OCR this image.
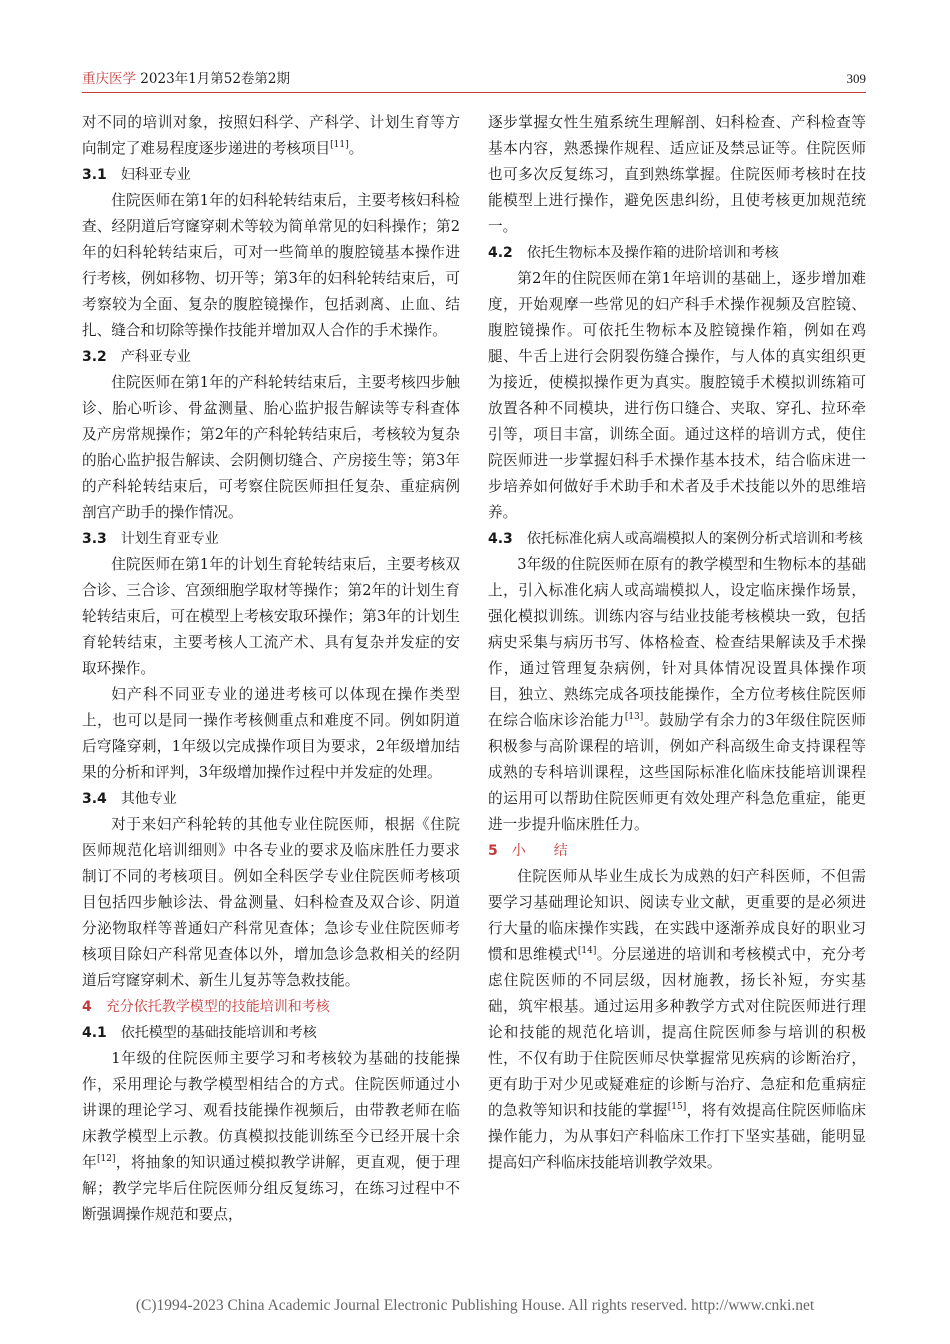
重庆医学 2023年1月第52卷第2期	309

对不同的培训对象，按照妇科学、产科学、计划生育等方向制定了难易程度逐步递进的考核项目[11]。

3.1 妇科亚专业

住院医师在第1年的妇科轮转结束后，主要考核妇科检查、经阴道后穹窿穿刺术等较为简单常见的妇科操作；第2年的妇科轮转结束后，可对一些简单的腹腔镜基本操作进行考核，例如移物、切开等；第3年的妇科轮转结束后，可考察较为全面、复杂的腹腔镜操作，包括剥离、止血、结扎、缝合和切除等操作技能并增加双人合作的手术操作。

3.2 产科亚专业

住院医师在第1年的产科轮转结束后，主要考核四步触诊、胎心听诊、骨盆测量、胎心监护报告解读等专科查体及产房常规操作；第2年的产科轮转结束后，考核较为复杂的胎心监护报告解读、会阴侧切缝合、产房接生等；第3年的产科轮转结束后，可考察住院医师担任复杂、重症病例剖宫产助手的操作情况。

3.3 计划生育亚专业

住院医师在第1年的计划生育轮转结束后，主要考核双合诊、三合诊、宫颈细胞学取材等操作；第2年的计划生育轮转结束后，可在模型上考核安取环操作；第3年的计划生育轮转结束，主要考核人工流产术、具有复杂并发症的安取环操作。

妇产科不同亚专业的递进考核可以体现在操作类型上，也可以是同一操作考核侧重点和难度不同。例如阴道后穹隆穿刺，1年级以完成操作项目为要求，2年级增加结果的分析和评判，3年级增加操作过程中并发症的处理。

3.4 其他专业

对于来妇产科轮转的其他专业住院医师，根据《住院医师规范化培训细则》中各专业的要求及临床胜任力要求制订不同的考核项目。例如全科医学专业住院医师考核项目包括四步触诊法、骨盆测量、妇科检查及双合诊、阴道分泌物取样等普通妇产科常见查体；急诊专业住院医师考核项目除妇产科常见查体以外，增加急诊急救相关的经阴道后穹窿穿刺术、新生儿复苏等急救技能。

4 充分依托教学模型的技能培训和考核
4.1 依托模型的基础技能培训和考核

1年级的住院医师主要学习和考核较为基础的技能操作，采用理论与教学模型相结合的方式。住院医师通过小讲课的理论学习、观看技能操作视频后，由带教老师在临床教学模型上示教。仿真模拟技能训练至今已经开展十余年[12]，将抽象的知识通过模拟教学讲解，更直观，便于理解；教学完毕后住院医师分组反复练习，在练习过程中不断强调操作规范和要点，

逐步掌握女性生殖系统生理解剖、妇科检查、产科检查等基本内容，熟悉操作规程、适应证及禁忌证等。住院医师也可多次反复练习，直到熟练掌握。住院医师考核时在技能模型上进行操作，避免医患纠纷，且使考核更加规范统一。

4.2 依托生物标本及操作箱的进阶培训和考核

第2年的住院医师在第1年培训的基础上，逐步增加难度，开始观摩一些常见的妇产科手术操作视频及宫腔镜、腹腔镜操作。可依托生物标本及腔镜操作箱，例如在鸡腿、牛舌上进行会阴裂伤缝合操作，与人体的真实组织更为接近，使模拟操作更为真实。腹腔镜手术模拟训练箱可放置各种不同模块，进行伤口缝合、夹取、穿孔、拉环牵引等，项目丰富，训练全面。通过这样的培训方式，使住院医师进一步掌握妇科手术操作基本技术，结合临床进一步培养如何做好手术助手和术者及手术技能以外的思维培养。

4.3 依托标准化病人或高端模拟人的案例分析式培训和考核

3年级的住院医师在原有的教学模型和生物标本的基础上，引入标准化病人或高端模拟人，设定临床操作场景，强化模拟训练。训练内容与结业技能考核模块一致，包括病史采集与病历书写、体格检查、检查结果解读及手术操作，通过管理复杂病例，针对具体情况设置具体操作项目，独立、熟练完成各项技能操作，全方位考核住院医师在综合临床诊治能力[13]。鼓励学有余力的3年级住院医师积极参与高阶课程的培训，例如产科高级生命支持课程等成熟的专科培训课程，这些国际标准化临床技能培训课程的运用可以帮助住院医师更有效处理产科急危重症，能更进一步提升临床胜任力。

5 小　　结

住院医师从毕业生成长为成熟的妇产科医师，不但需要学习基础理论知识、阅读专业文献，更重要的是必须进行大量的临床操作实践，在实践中逐渐养成良好的职业习惯和思维模式[14]。分层递进的培训和考核模式中，充分考虑住院医师的不同层级，因材施教，扬长补短，夯实基础，筑牢根基。通过运用多种教学方式对住院医师进行理论和技能的规范化培训，提高住院医师参与培训的积极性，不仅有助于住院医师尽快掌握常见疾病的诊断治疗，更有助于对少见或疑难症的诊断与治疗、急症和危重病症的急救等知识和技能的掌握[15]，将有效提高住院医师临床操作能力，为从事妇产科临床工作打下坚实基础，能明显提高妇产科临床技能培训教学效果。

(C)1994-2023 China Academic Journal Electronic Publishing House. All rights reserved. http://www.cnki.net
